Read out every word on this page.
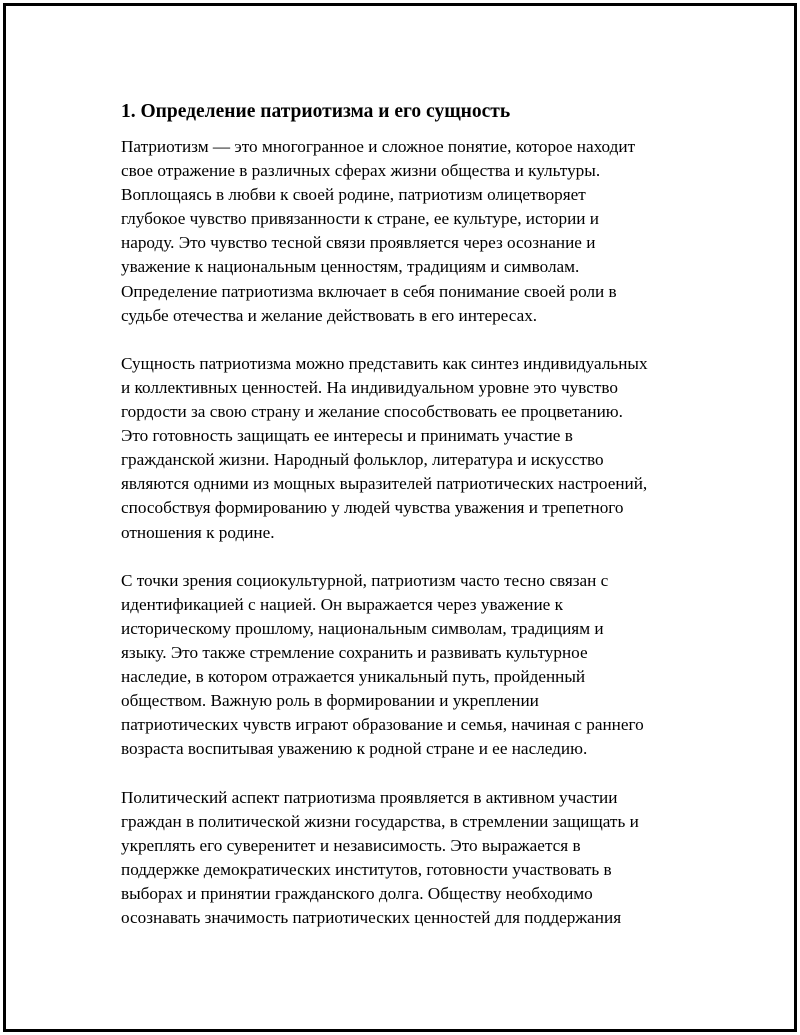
1. Определение патриотизма и его сущность

Патриотизм — это многогранное и сложное понятие, которое находит
свое отражение в различных сферах жизни общества и культуры.
Воплощаясь в любви к своей родине, патриотизм олицетворяет
глубокое чувство привязанности к стране, ее культуре, истории и
народу. Это чувство тесной связи проявляется через осознание и
уважение к национальным ценностям, традициям и символам.
Определение патриотизма включает в себя понимание своей роли в
судьбе отечества и желание действовать в его интересах.

Сущность патриотизма можно представить как синтез индивидуальных
и коллективных ценностей. На индивидуальном уровне это чувство
гордости за свою страну и желание способствовать ее процветанию.
Это готовность защищать ее интересы и принимать участие в
гражданской жизни. Народный фольклор, литература и искусство
являются одними из мощных выразителей патриотических настроений,
способствуя формированию у людей чувства уважения и трепетного
отношения к родине.

С точки зрения социокультурной, патриотизм часто тесно связан с
идентификацией с нацией. Он выражается через уважение к
историческому прошлому, национальным символам, традициям и
языку. Это также стремление сохранить и развивать культурное
наследие, в котором отражается уникальный путь, пройденный
обществом. Важную роль в формировании и укреплении
патриотических чувств играют образование и семья, начиная с раннего
возраста воспитывая уважению к родной стране и ее наследию.

Политический аспект патриотизма проявляется в активном участии
граждан в политической жизни государства, в стремлении защищать и
укреплять его суверенитет и независимость. Это выражается в
поддержке демократических институтов, готовности участвовать в
выборах и принятии гражданского долга. Обществу необходимо
осознавать значимость патриотических ценностей для поддержания
